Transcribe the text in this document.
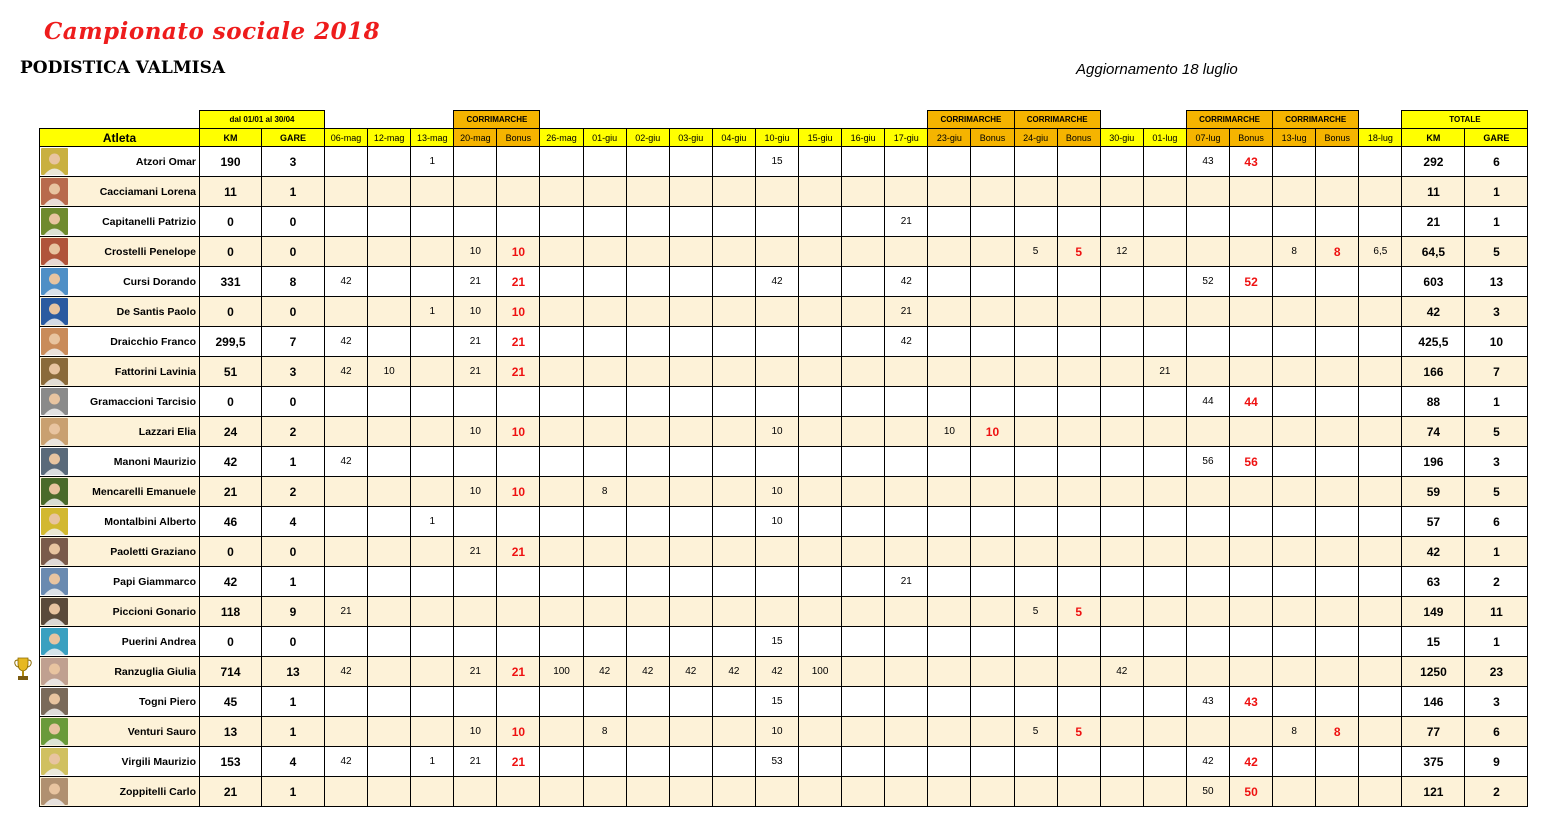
Campionato sociale 2018
PODISTICA VALMISA	Aggiornamento 18 luglio
	dal 01/01 al 30/04					CORRIMARCHE											CORRIMARCHE		CORRIMARCHE				CORRIMARCHE		CORRIMARCHE			TOTALE	
Atleta	KM	GARE	06-mag	12-mag	13-mag	20-mag	Bonus	26-mag	01-giu	02-giu	03-giu	04-giu	10-giu	15-giu	16-giu	17-giu	23-giu	Bonus	24-giu	Bonus	30-giu	01-lug	07-lug	Bonus	13-lug	Bonus	18-lug	KM	GARE

Atzori Omar	190	3			1								15										43	43				292	6

Cacciamani Lorena	11	1																										11	1

Capitanelli Patrizio	0	0														21												21	1

Crostelli Penelope	0	0				10	10												5	5	12				8	8	6,5	64,5	5

Cursi Dorando	331	8	42			21	21						42			42							52	52				603	13

De Santis Paolo	0	0			1	10	10									21												42	3

Draicchio Franco	299,5	7	42			21	21									42												425,5	10

Fattorini Lavinia	51	3	42	10		21	21															21						166	7

Gramaccioni Tarcisio	0	0																					44	44				88	1

Lazzari Elia	24	2				10	10						10				10	10										74	5

Manoni Maurizio	42	1	42																				56	56				196	3

Mencarelli Emanuele	21	2				10	10		8				10															59	5

Montalbini Alberto	46	4			1								10															57	6

Paoletti Graziano	0	0				21	21																					42	1

Papi Giammarco	42	1														21												63	2

Piccioni Gonario	118	9	21																5	5								149	11

Puerini Andrea	0	0											15															15	1

Ranzuglia Giulia	714	13	42			21	21	100	42	42	42	42	42	100							42							1250	23

Togni Piero	45	1											15										43	43				146	3

Venturi Sauro	13	1				10	10		8				10						5	5					8	8		77	6

Virgili Maurizio	153	4	42		1	21	21						53										42	42				375	9

Zoppitelli Carlo	21	1																					50	50				121	2
